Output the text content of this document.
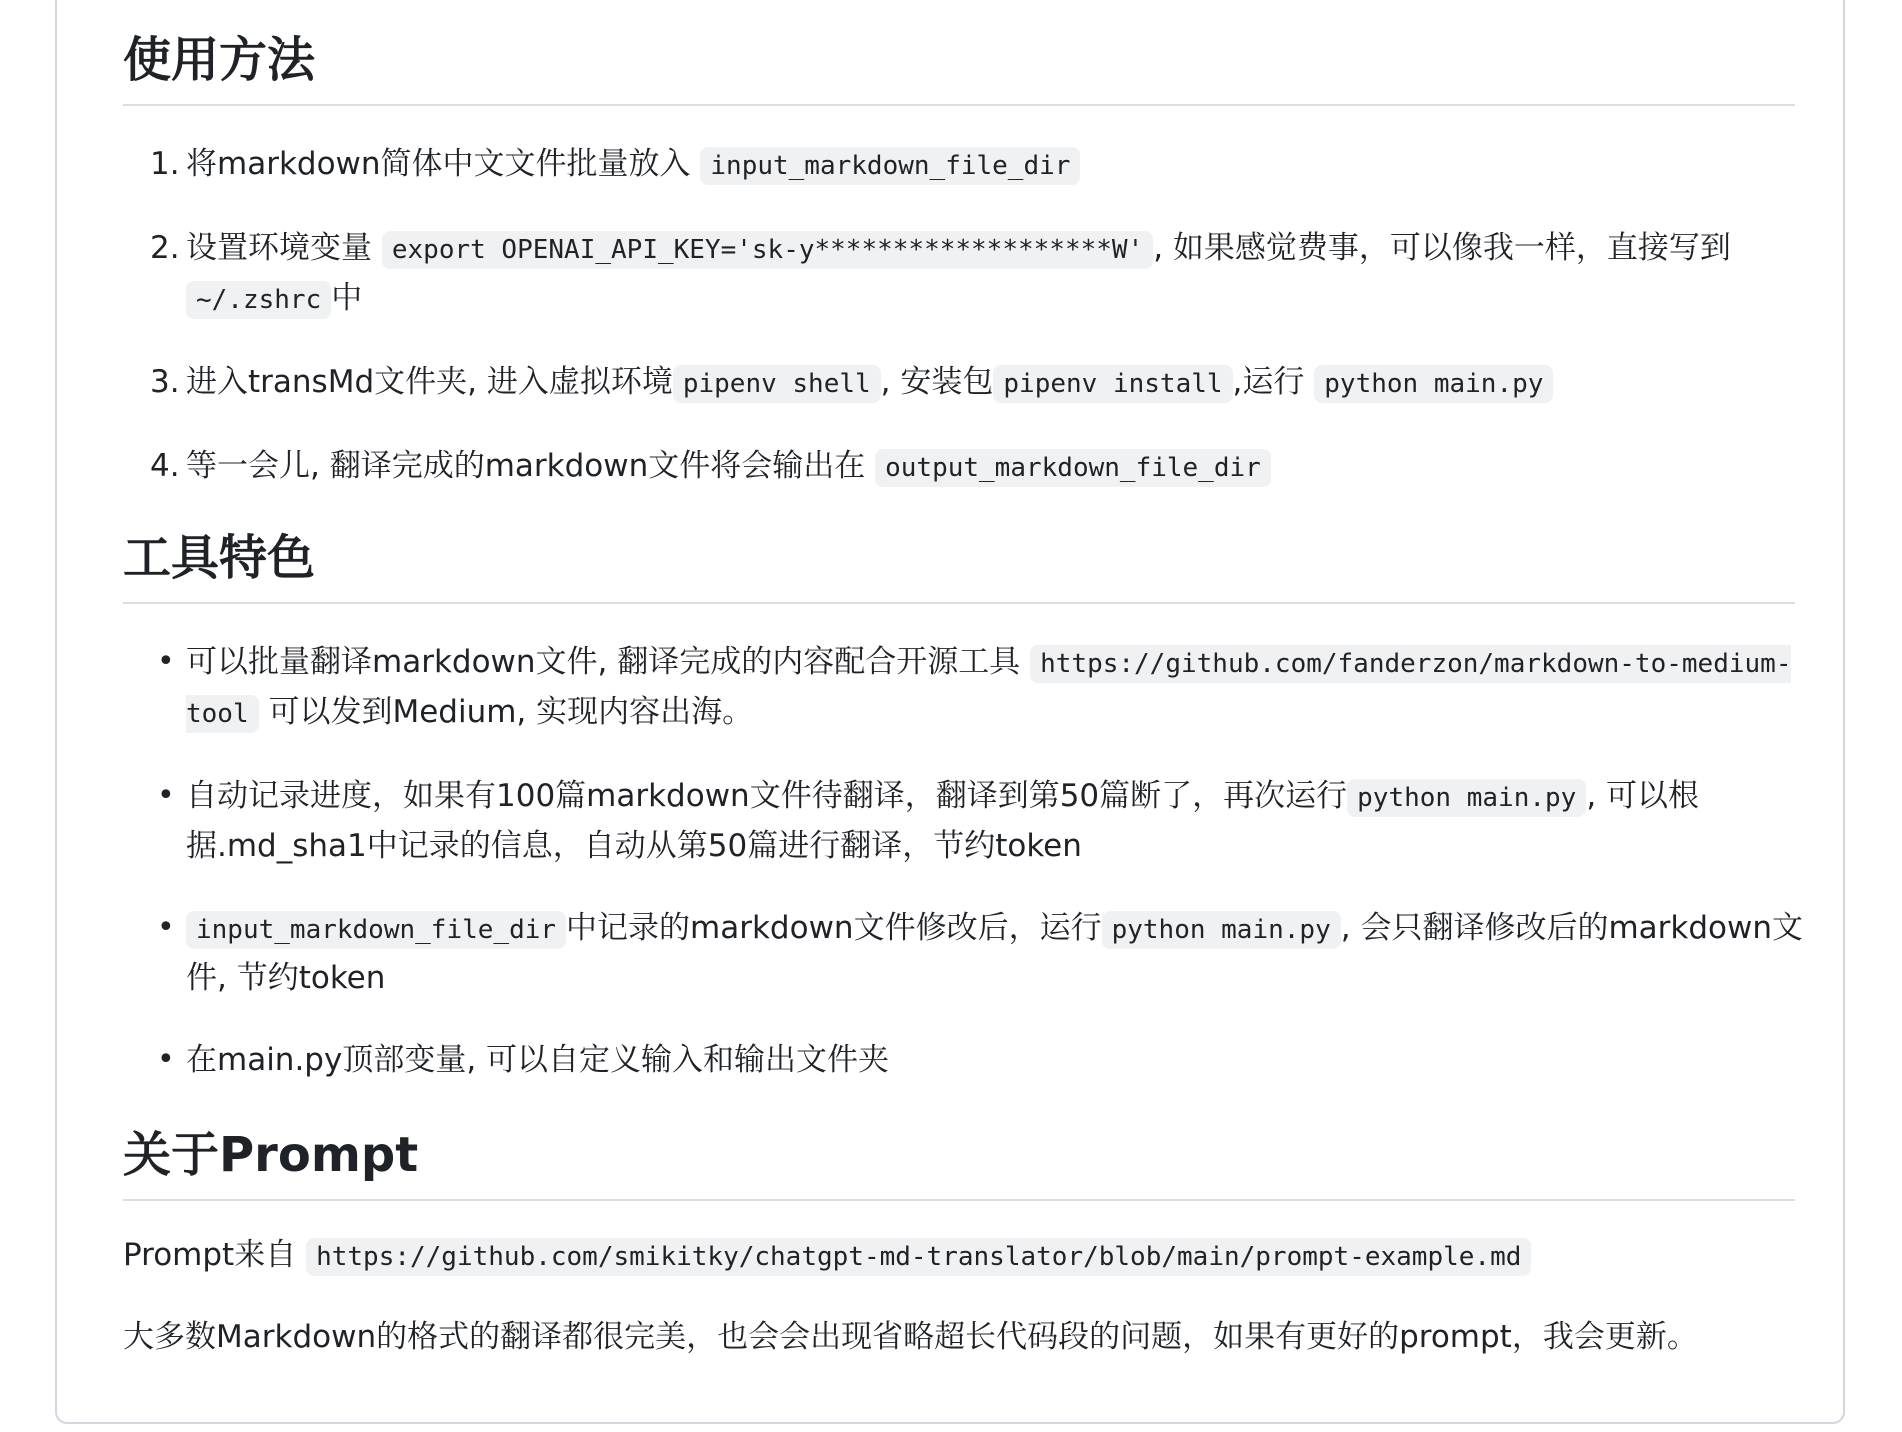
使用方法
1. 将markdown简体中文文件批量放入 input_markdown_file_dir
2. 设置环境变量 export OPENAI_API_KEY='sk-y*******************W' , 如果感觉费事，可以像我一样，直接写到~/.zshrc 中
3. 进入transMd文件夹, 进入虚拟环境 pipenv shell , 安装包 pipenv install ,运行 python main.py
4. 等一会儿, 翻译完成的markdown文件将会输出在 output_markdown_file_dir
工具特色
• 可以批量翻译markdown文件, 翻译完成的内容配合开源工具 https://github.com/fanderzon/markdown-to-medium-tool 可以发到Medium, 实现内容出海。
• 自动记录进度，如果有100篇markdown文件待翻译，翻译到第50篇断了，再次运行 python main.py , 可以根据.md_sha1中记录的信息，自动从第50篇进行翻译，节约token
• input_markdown_file_dir 中记录的markdown文件修改后，运行 python main.py , 会只翻译修改后的markdown文件, 节约token
• 在main.py顶部变量, 可以自定义输入和输出文件夹
关于Prompt

Prompt来自 https://github.com/smikitky/chatgpt-md-translator/blob/main/prompt-example.md

大多数Markdown的格式的翻译都很完美，也会会出现省略超长代码段的问题，如果有更好的prompt，我会更新。
